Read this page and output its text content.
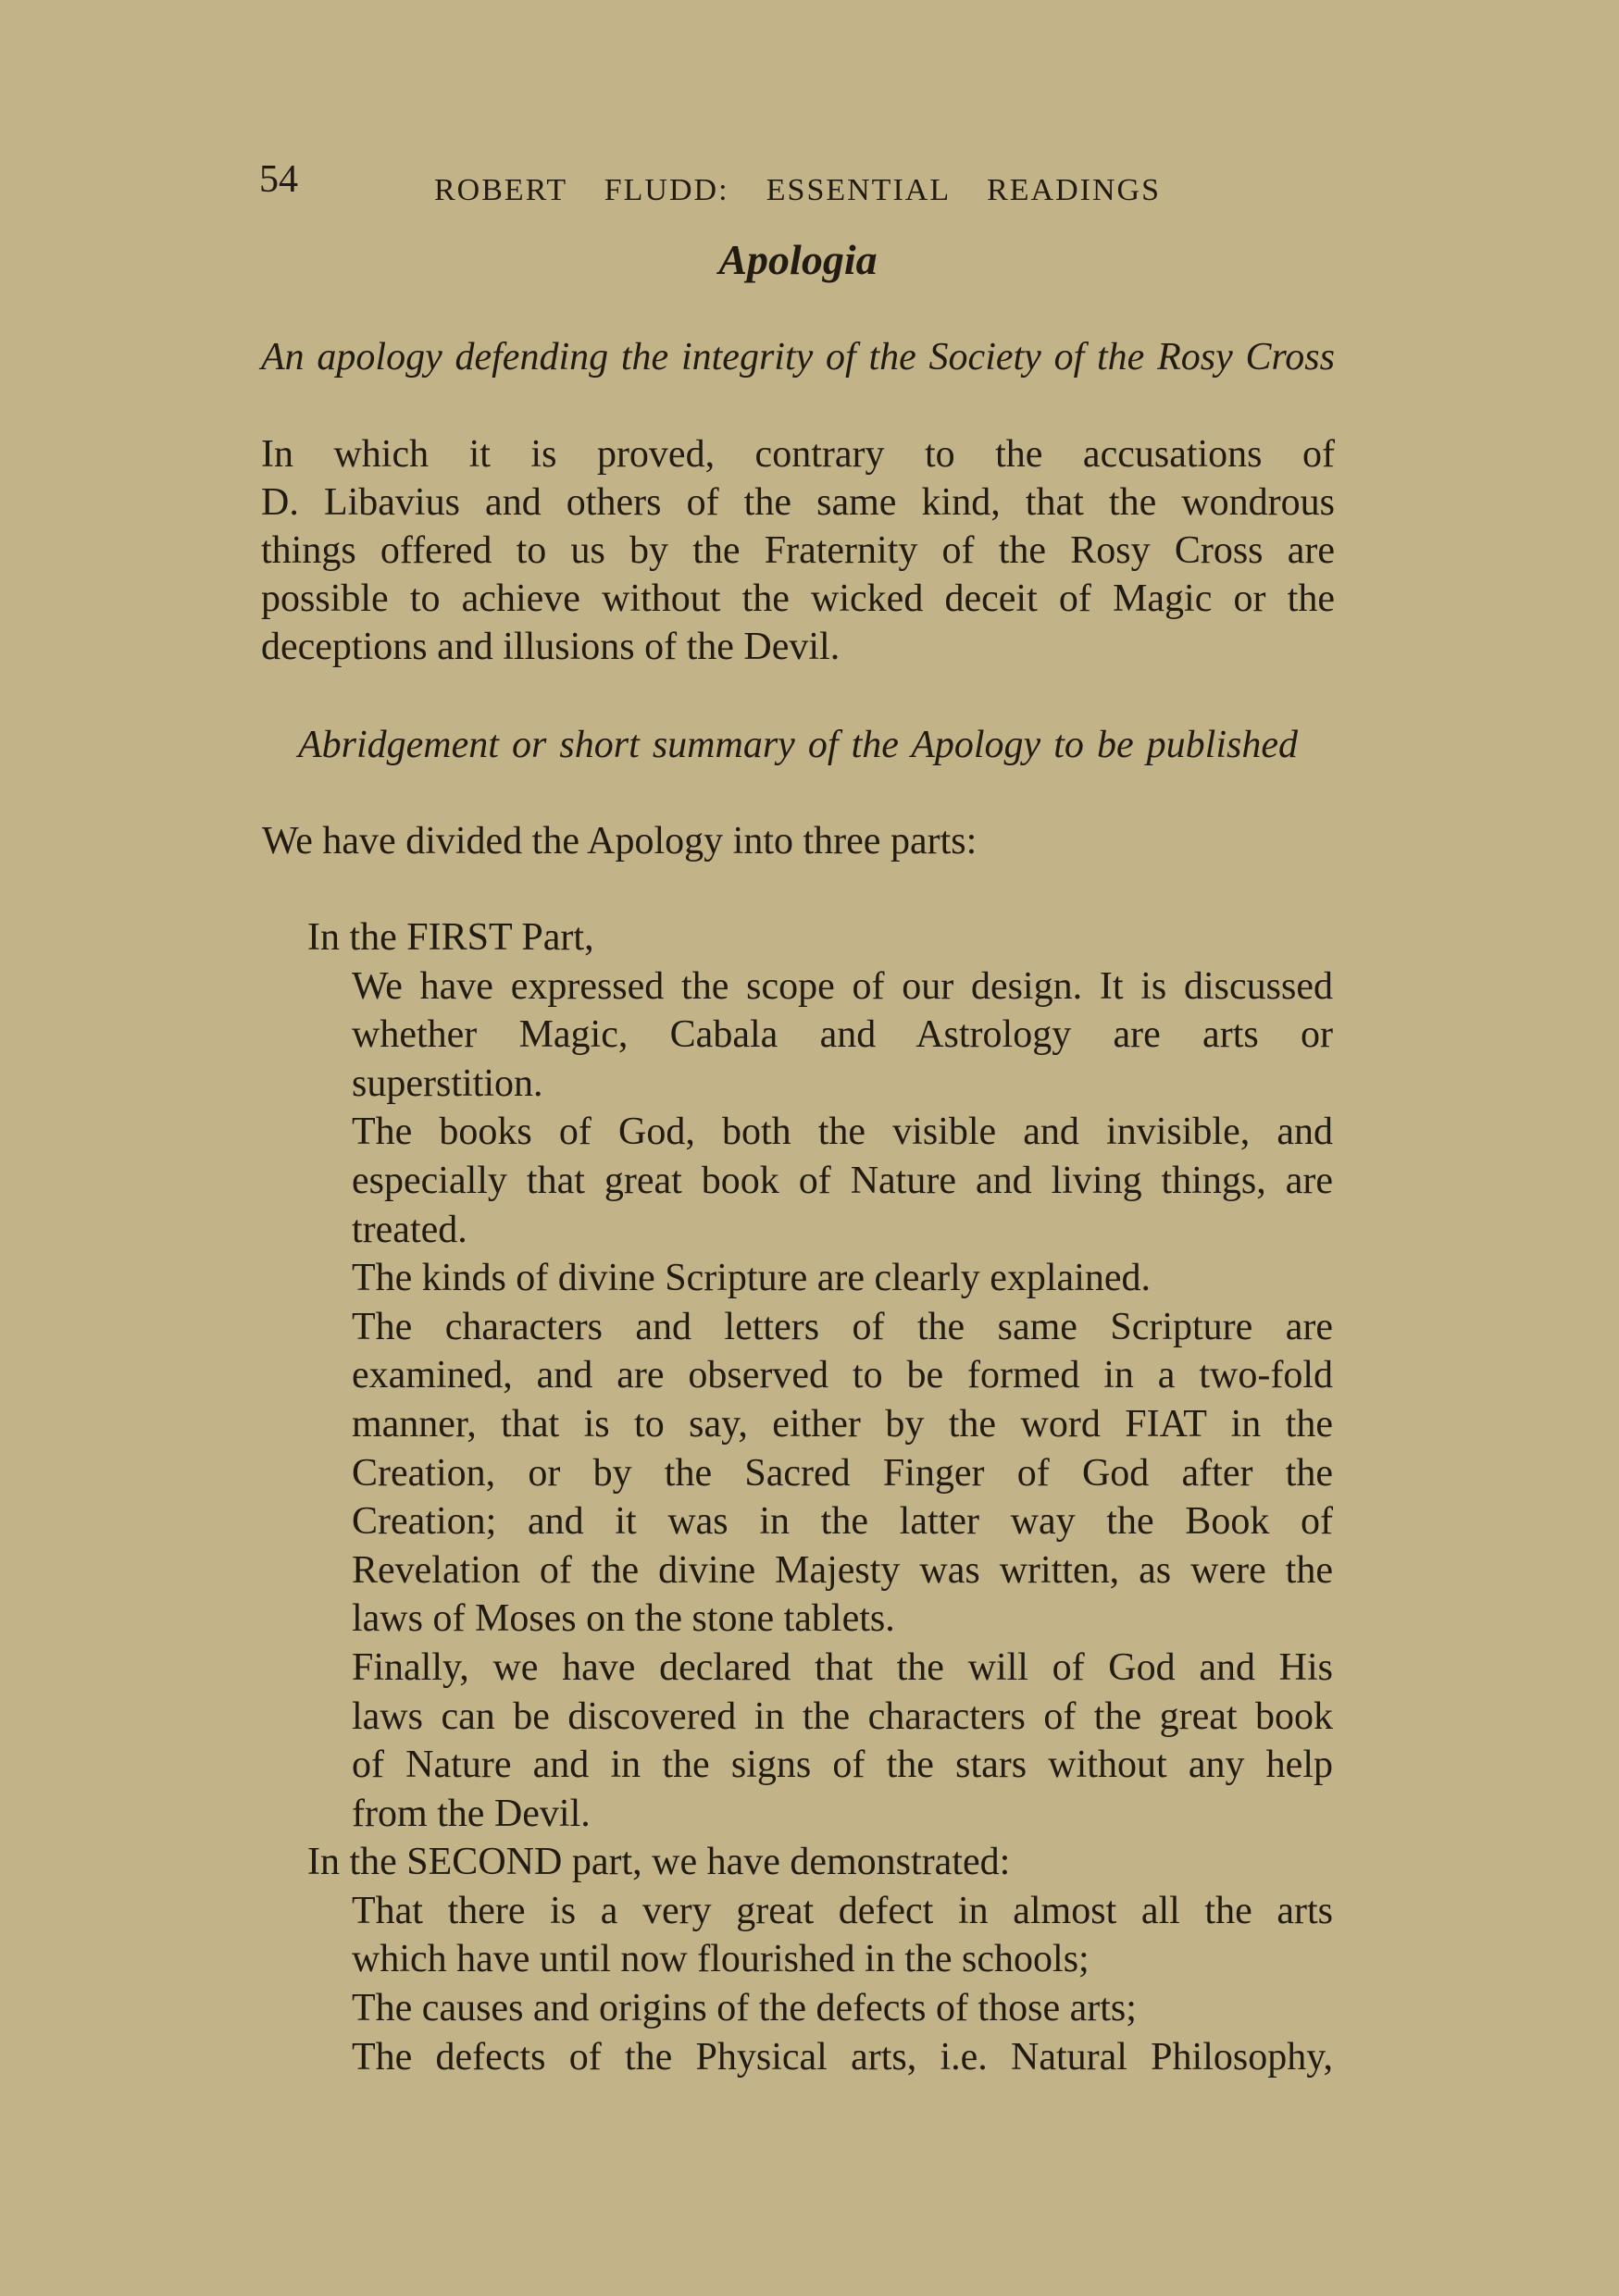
54	ROBERT FLUDD: ESSENTIAL READINGS
Apologia
An apology defending the integrity of the Society of the Rosy Cross
In which it is proved, contrary to the accusations of
D. Libavius and others of the same kind, that the wondrous
things offered to us by the Fraternity of the Rosy Cross are
possible to achieve without the wicked deceit of Magic or the
deceptions and illusions of the Devil.
Abridgement or short summary of the Apology to be published
We have divided the Apology into three parts:
In the FIRST Part,
We have expressed the scope of our design. It is discussed
whether Magic, Cabala and Astrology are arts or
superstition.
The books of God, both the visible and invisible, and
especially that great book of Nature and living things, are
treated.
The kinds of divine Scripture are clearly explained.
The characters and letters of the same Scripture are
examined, and are observed to be formed in a two-fold
manner, that is to say, either by the word FIAT in the
Creation, or by the Sacred Finger of God after the
Creation; and it was in the latter way the Book of
Revelation of the divine Majesty was written, as were the
laws of Moses on the stone tablets.
Finally, we have declared that the will of God and His
laws can be discovered in the characters of the great book
of Nature and in the signs of the stars without any help
from the Devil.
In the SECOND part, we have demonstrated:
That there is a very great defect in almost all the arts
which have until now flourished in the schools;
The causes and origins of the defects of those arts;
The defects of the Physical arts, i.e. Natural Philosophy,
